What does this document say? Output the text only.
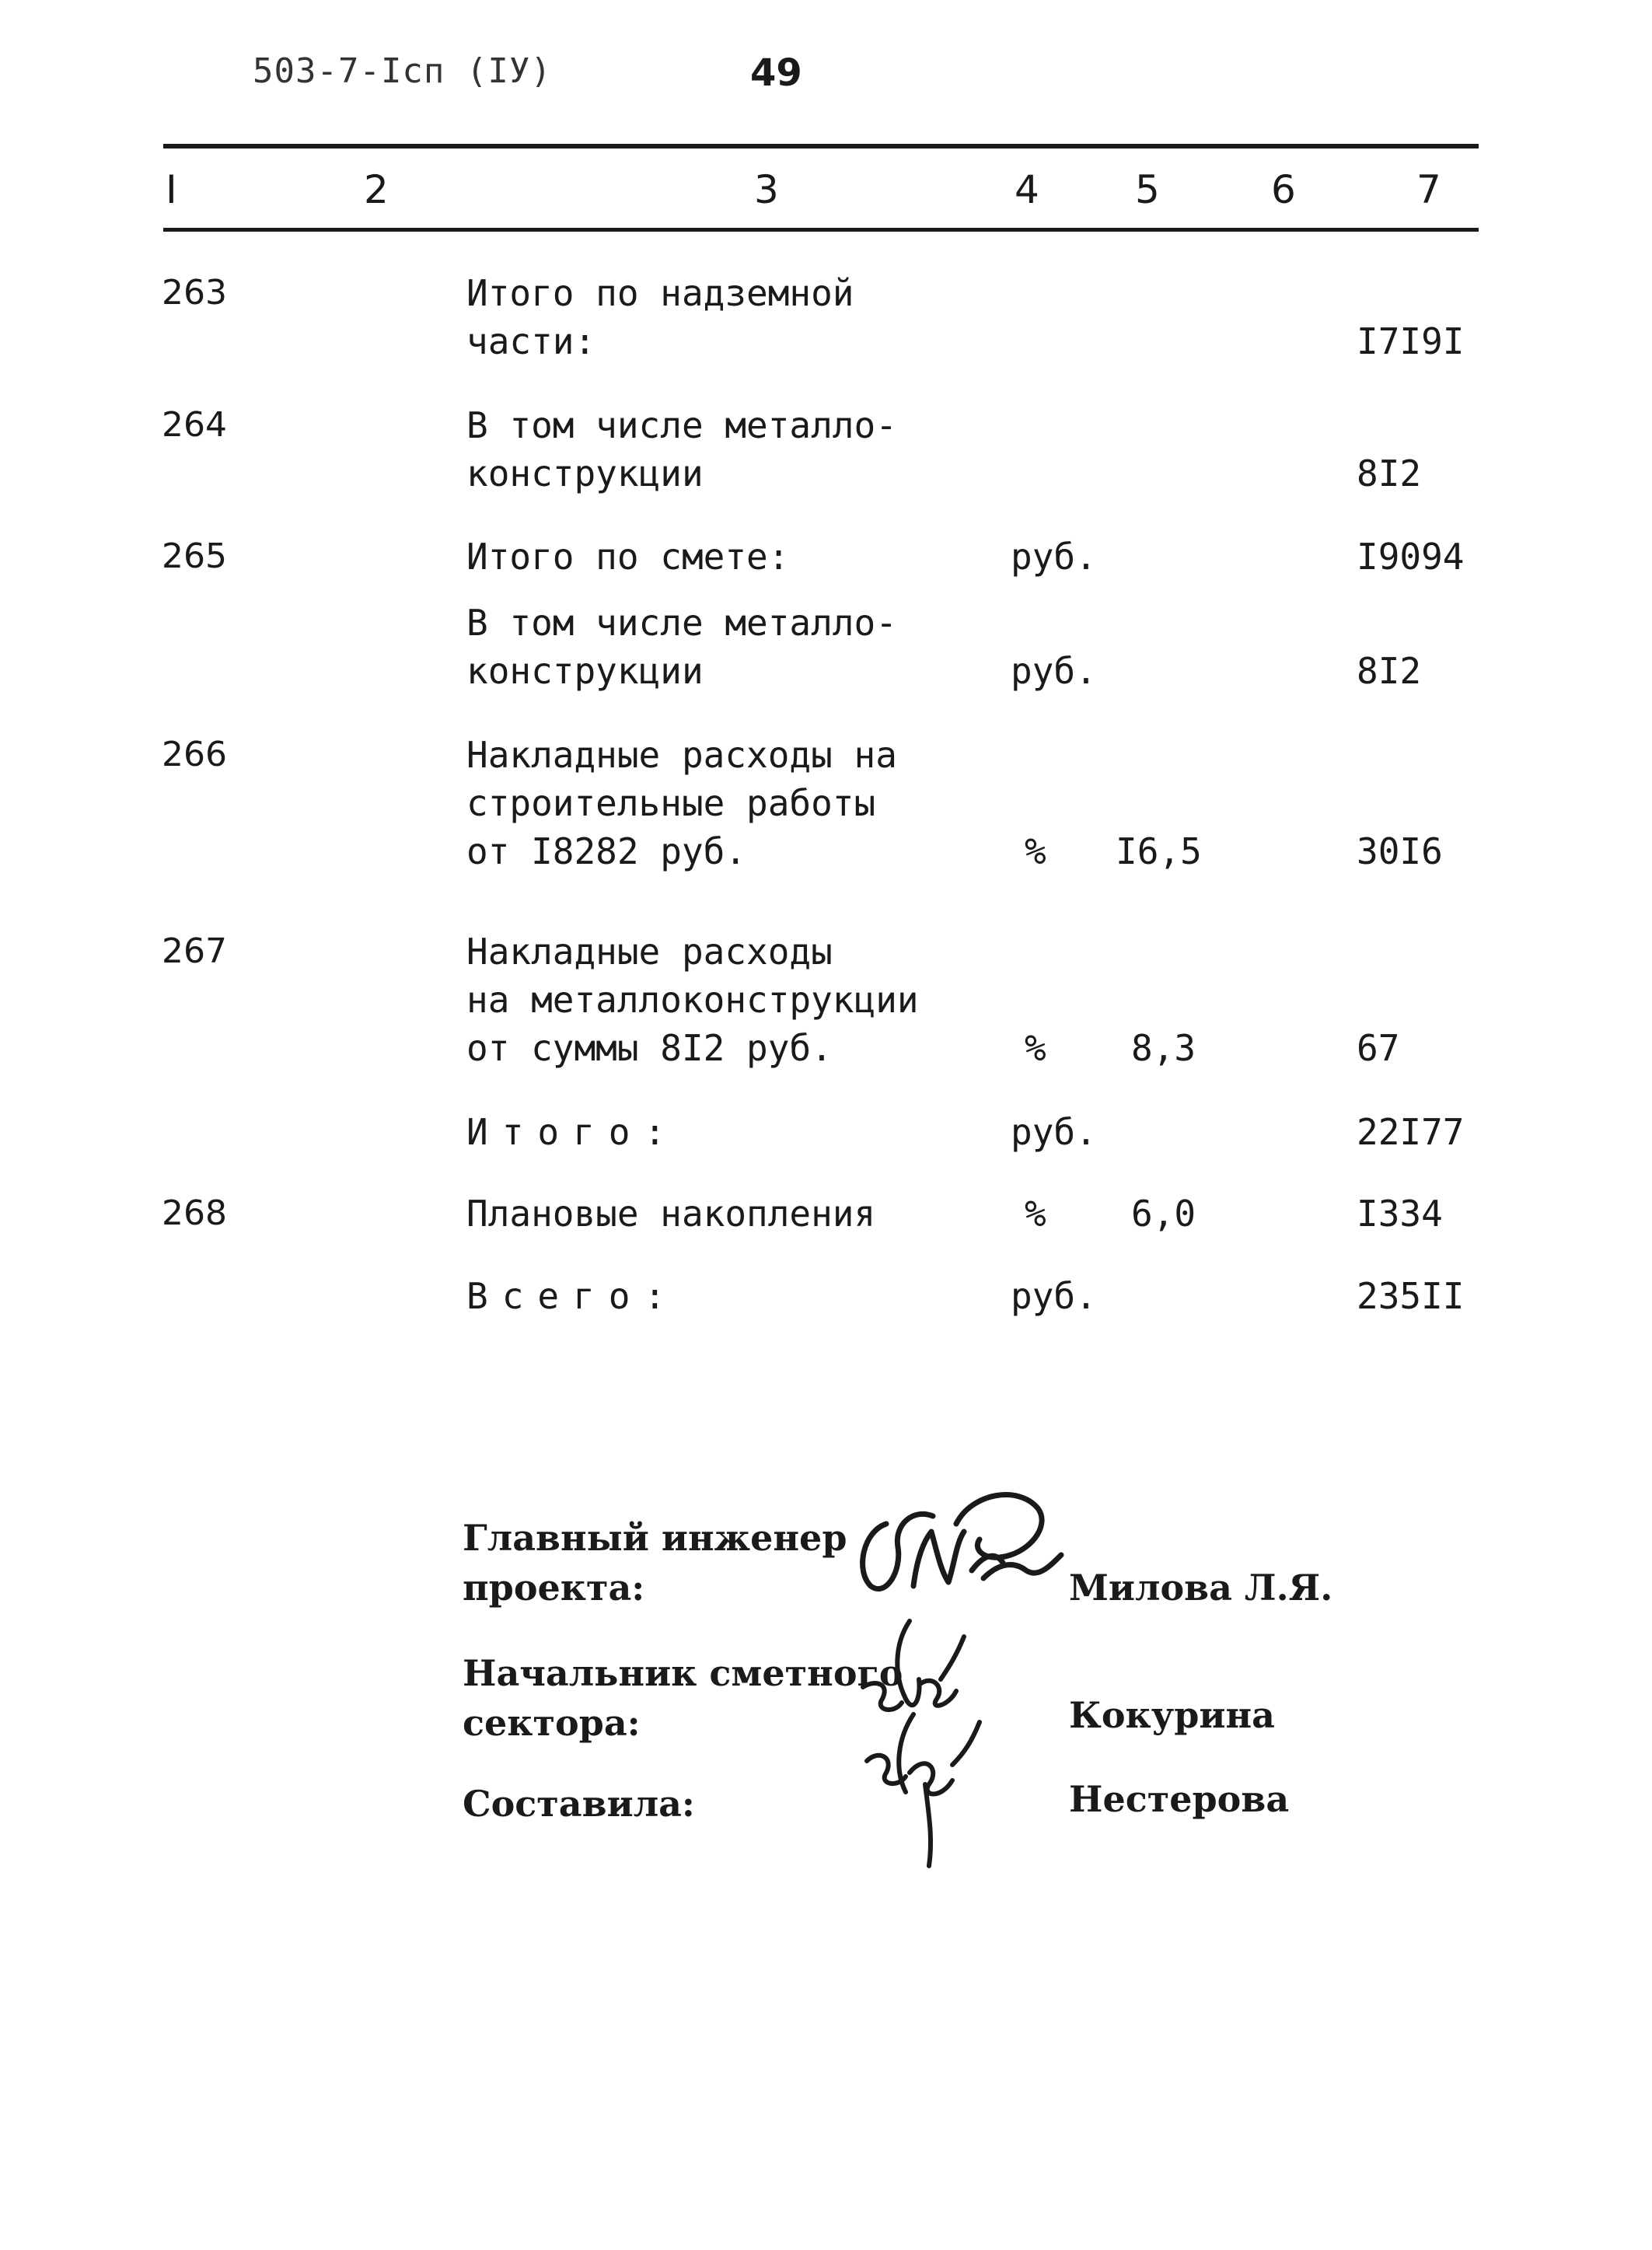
503-7-Iсп (IУ)	49
I	2	3	4 5	6	7
263	Итого по надземной
части:	I7I9I
264	В том числе металло-
конструкции	8I2
265	Итого по смете:	руб.	I9094
В том числе металло-
конструкции	руб.	8I2
266	Накладные расходы на
строительные работы
от I8282 руб.	% I6,5	30I6
267	Накладные расходы
на металлоконструкции
от суммы 8I2 руб.	% 8,3	67
Итого:	руб.	22I77
268	Плановые накопления	% 6,0	I334
Всего:	руб.	235II
Главный инженер
проекта:	Милова Л.Я.
Начальник сметного
сектора:	Кокурина
Составила:	Нестерова
